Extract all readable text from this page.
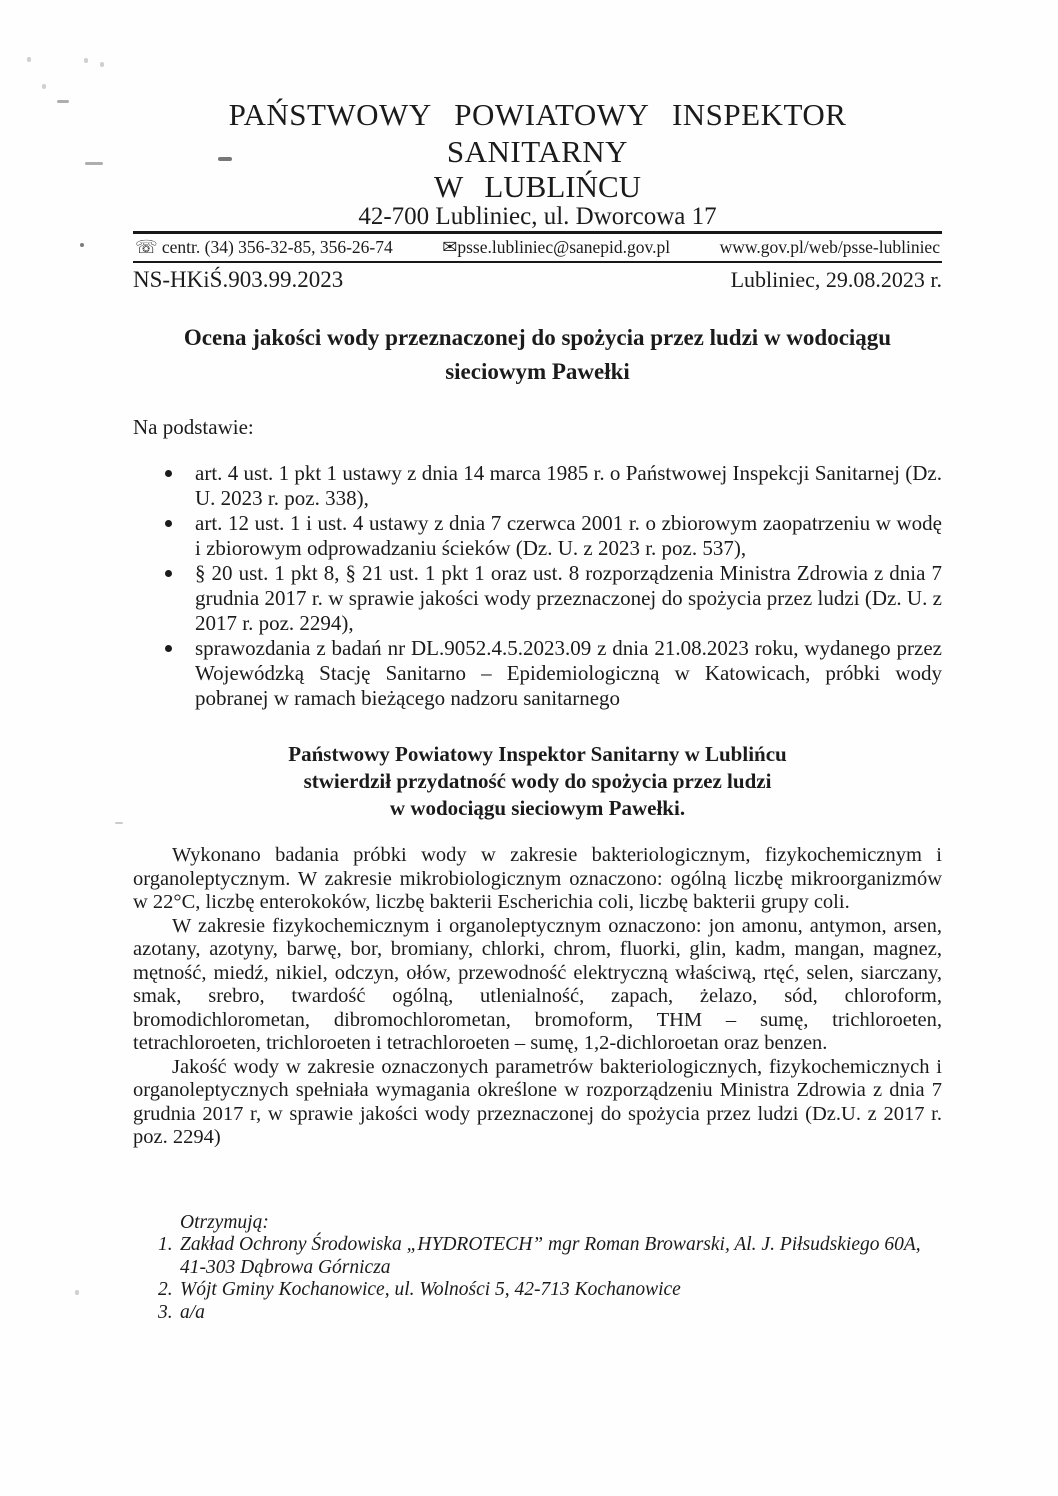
PAŃSTWOWY POWIATOWY INSPEKTOR SANITARNY
W LUBLIŃCU
42-700 Lubliniec, ul. Dworcowa 17
☏ centr. (34) 356-32-85, 356-26-74	✉psse.lubliniec@sanepid.gov.pl	www.gov.pl/web/psse-lubliniec
NS-HKiŚ.903.99.2023	Lubliniec, 29.08.2023 r.
Ocena jakości wody przeznaczonej do spożycia przez ludzi w wodociągu
sieciowym Pawełki

Na podstawie:

art. 4 ust. 1 pkt 1 ustawy z dnia 14 marca 1985 r. o Państwowej Inspekcji Sanitarnej (Dz. U. 2023 r. poz. 338),
art. 12 ust. 1 i ust. 4 ustawy z dnia 7 czerwca 2001 r. o zbiorowym zaopatrzeniu w wodę i zbiorowym odprowadzaniu ścieków (Dz. U. z 2023 r. poz. 537),
§ 20 ust. 1 pkt 8, § 21 ust. 1 pkt 1 oraz ust. 8 rozporządzenia Ministra Zdrowia z dnia 7 grudnia 2017 r. w sprawie jakości wody przeznaczonej do spożycia przez ludzi (Dz. U. z 2017 r. poz. 2294),
sprawozdania z badań nr DL.9052.4.5.2023.09 z dnia 21.08.2023 roku, wydanego przez Wojewódzką Stację Sanitarno – Epidemiologiczną w Katowicach, próbki wody pobranej w ramach bieżącego nadzoru sanitarnego
Państwowy Powiatowy Inspektor Sanitarny w Lublińcu
stwierdził przydatność wody do spożycia przez ludzi
w wodociągu sieciowym Pawełki.

Wykonano badania próbki wody w zakresie bakteriologicznym, fizykochemicznym i organoleptycznym. W zakresie mikrobiologicznym oznaczono: ogólną liczbę mikroorganizmów w 22°C, liczbę enterokoków, liczbę bakterii Escherichia coli, liczbę bakterii grupy coli.

W zakresie fizykochemicznym i organoleptycznym oznaczono: jon amonu, antymon, arsen, azotany, azotyny, barwę, bor, bromiany, chlorki, chrom, fluorki, glin, kadm, mangan, magnez, mętność, miedź, nikiel, odczyn, ołów, przewodność elektryczną właściwą, rtęć, selen, siarczany, smak, srebro, twardość ogólną, utlenialność, zapach, żelazo, sód, chloroform, bromodichlorometan, dibromochlorometan, bromoform, THM – sumę, trichloroeten, tetrachloroeten, trichloroeten i tetrachloroeten – sumę, 1,2-dichloroetan oraz benzen.

Jakość wody w zakresie oznaczonych parametrów bakteriologicznych, fizykochemicznych i organoleptycznych spełniała wymagania określone w rozporządzeniu Ministra Zdrowia z dnia 7 grudnia 2017 r, w sprawie jakości wody przeznaczonej do spożycia przez ludzi (Dz.U. z 2017 r. poz. 2294)

Otrzymują:
1. Zakład Ochrony Środowiska „HYDROTECH” mgr Roman Browarski, Al. J. Piłsudskiego 60A, 41-303 Dąbrowa Górnicza
2. Wójt Gminy Kochanowice, ul. Wolności 5, 42-713 Kochanowice
3. a/a
